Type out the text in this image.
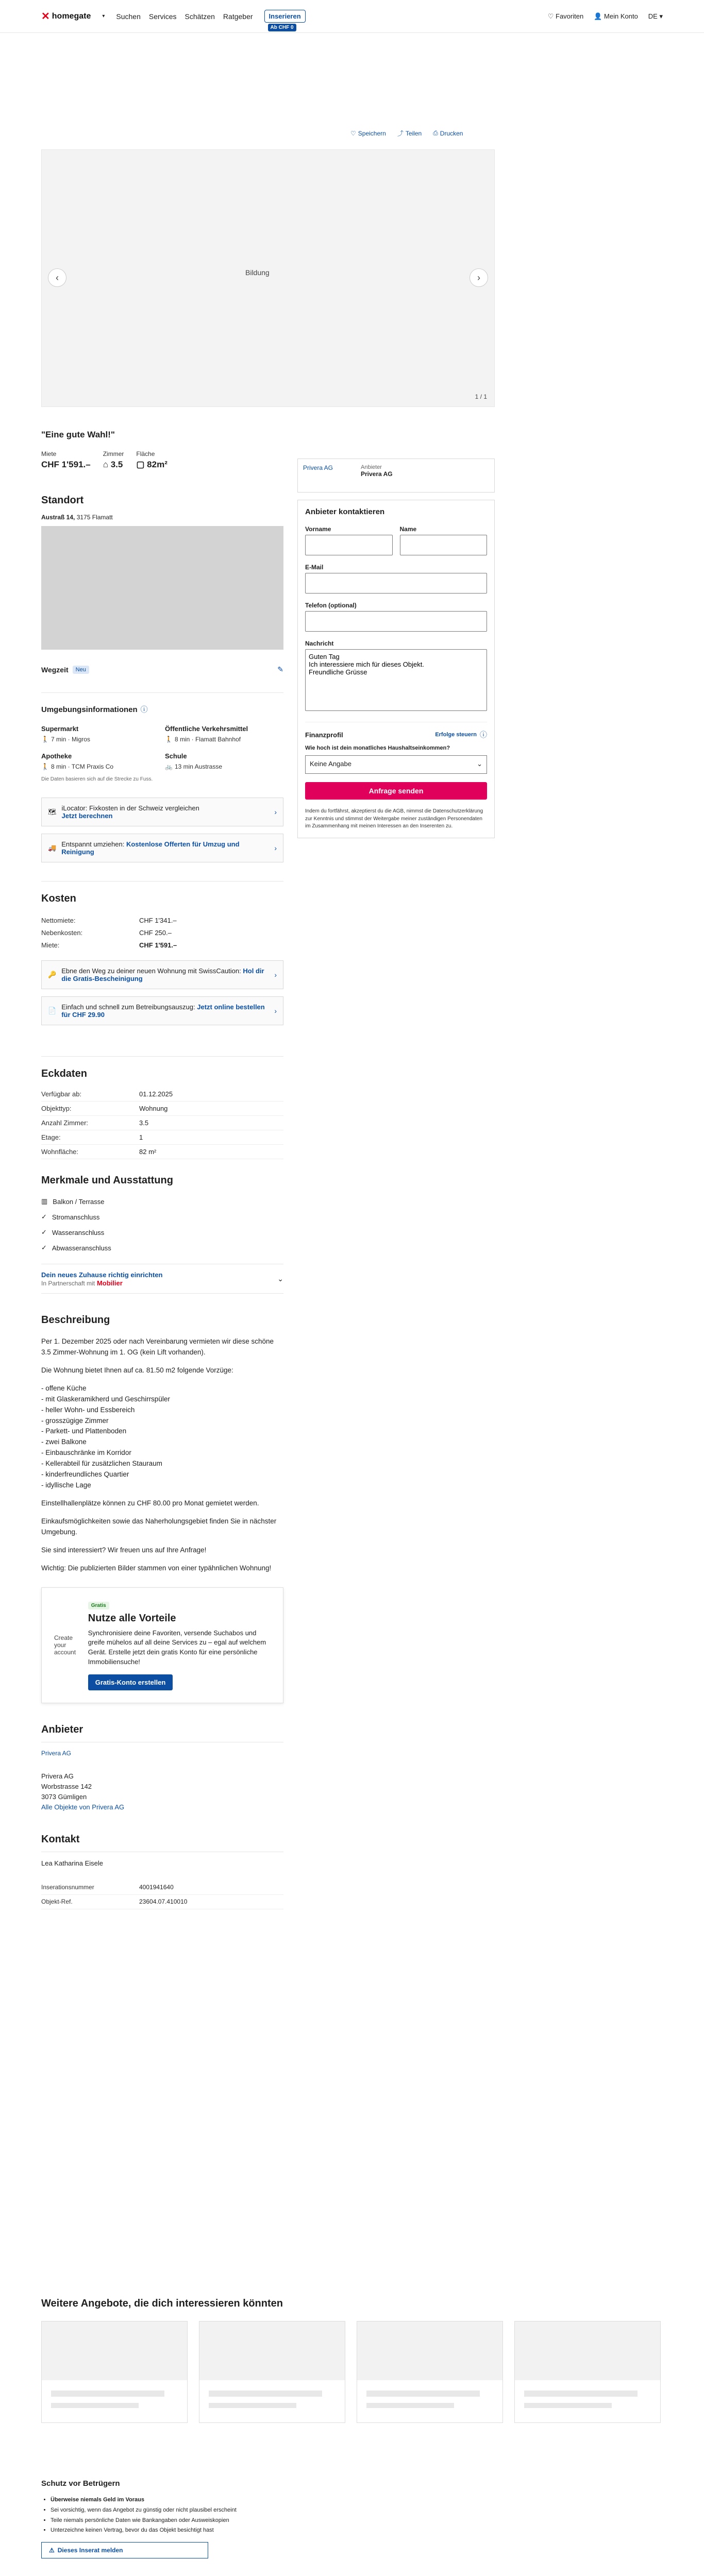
✕ homegate ▾ Suchen Services Schätzen Ratgeber	Inserieren
Ab CHF 0
♡ Favoriten 👤 Mein Konto DE ▾
♡ Speichern ⤴ Teilen ⎙ Drucken
‹	Bildung	›
1 / 1
"Eine gute Wahl!"
Miete
CHF 1'591.–
Zimmer
⌂ 3.5
Fläche
▢ 82m²
Standort
Austraß 14, 3175 Flamatt
Wegzeit	Neu	✎
Umgebungsinformationen ⓘ
Supermarkt
🚶 7 min · Migros
Öffentliche Verkehrsmittel
🚶 8 min · Flamatt Bahnhof
Apotheke
🚶 8 min · TCM Praxis Co
Schule
🚲 13 min Austrasse
Die Daten basieren sich auf die Strecke zu Fuss.
🗺 iLocator: Fixkosten in der Schweiz vergleichen
Jetzt berechnen	›
🚚 Entspannt umziehen: Kostenlose Offerten für Umzug und Reinigung	›
Kosten
Nettomiete:	CHF 1'341.–
Nebenkosten:	CHF 250.–
Miete:	CHF 1'591.–
🔑 Ebne den Weg zu deiner neuen Wohnung mit SwissCaution: Hol dir die Gratis-Bescheinigung	›
📄 Einfach und schnell zum Betreibungsauszug: Jetzt online bestellen für CHF 29.90	›
Eckdaten
Verfügbar ab:	01.12.2025
Objekttyp:	Wohnung
Anzahl Zimmer:	3.5
Etage:	1
Wohnfläche:	82 m²
Merkmale und Ausstattung
▥ Balkon / Terrasse
✓ Stromanschluss
✓ Wasseranschluss
✓ Abwasseranschluss
Dein neues Zuhause richtig einrichten
In Partnerschaft mit Mobilier
⌄
Beschreibung

Per 1. Dezember 2025 oder nach Vereinbarung vermieten wir diese schöne 3.5 Zimmer-Wohnung im 1. OG (kein Lift vorhanden).

Die Wohnung bietet Ihnen auf ca. 81.50 m2 folgende Vorzüge:

- offene Küche
- mit Glaskeramikherd und Geschirrspüler
- heller Wohn- und Essbereich
- grosszügige Zimmer
- Parkett- und Plattenboden
- zwei Balkone
- Einbauschränke im Korridor
- Kellerabteil für zusätzlichen Stauraum
- kinderfreundliches Quartier
- idyllische Lage

Einstellhallenplätze können zu CHF 80.00 pro Monat gemietet werden.

Einkaufsmöglichkeiten sowie das Naherholungsgebiet finden Sie in nächster Umgebung.

Sie sind interessiert? Wir freuen uns auf Ihre Anfrage!

Wichtig: Die publizierten Bilder stammen von einer typähnlichen Wohnung!

Create your account
Gratis
Nutze alle Vorteile
Synchronisiere deine Favoriten, versende Suchabos und greife mühelos auf all deine Services zu – egal auf welchem Gerät. Erstelle jetzt dein gratis Konto für eine persönliche Immobiliensuche!
Gratis-Konto erstellen
Anbieter
Privera AG
Privera AG
Worbstrasse 142
3073 Gümligen
Alle Objekte von Privera AG
Kontakt
Lea Katharina Eisele
Inserationsnummer	4001941640
Objekt-Ref.	23604.07.410010
Privera AG	Anbieter
Privera AG
Anbieter kontaktieren
Vorname	Name
E-Mail
Telefon (optional)
Nachricht
Guten Tag Ich interessiere mich für dieses Objekt. Freundliche Grüsse
Finanzprofil	Erfolge steuern ⓘ
Wie hoch ist dein monatliches Haushaltseinkommen?
Keine Angabe	⌄
Anfrage senden
Indem du fortfährst, akzeptierst du die AGB, nimmst die Datenschutzerklärung zur Kenntnis und stimmst der Weitergabe meiner zuständigen Personendaten im Zusammenhang mit meinen Interessen an den Inserenten zu.
Weitere Angebote, die dich interessieren könnten
Schutz vor Betrügern
• Überweise niemals Geld im Voraus
• Sei vorsichtig, wenn das Angebot zu günstig oder nicht plausibel erscheint
• Teile niemals persönliche Daten wie Bankangaben oder Ausweiskopien
• Unterzeichne keinen Vertrag, bevor du das Objekt besichtigt hast
⚠ Dieses Inserat melden
